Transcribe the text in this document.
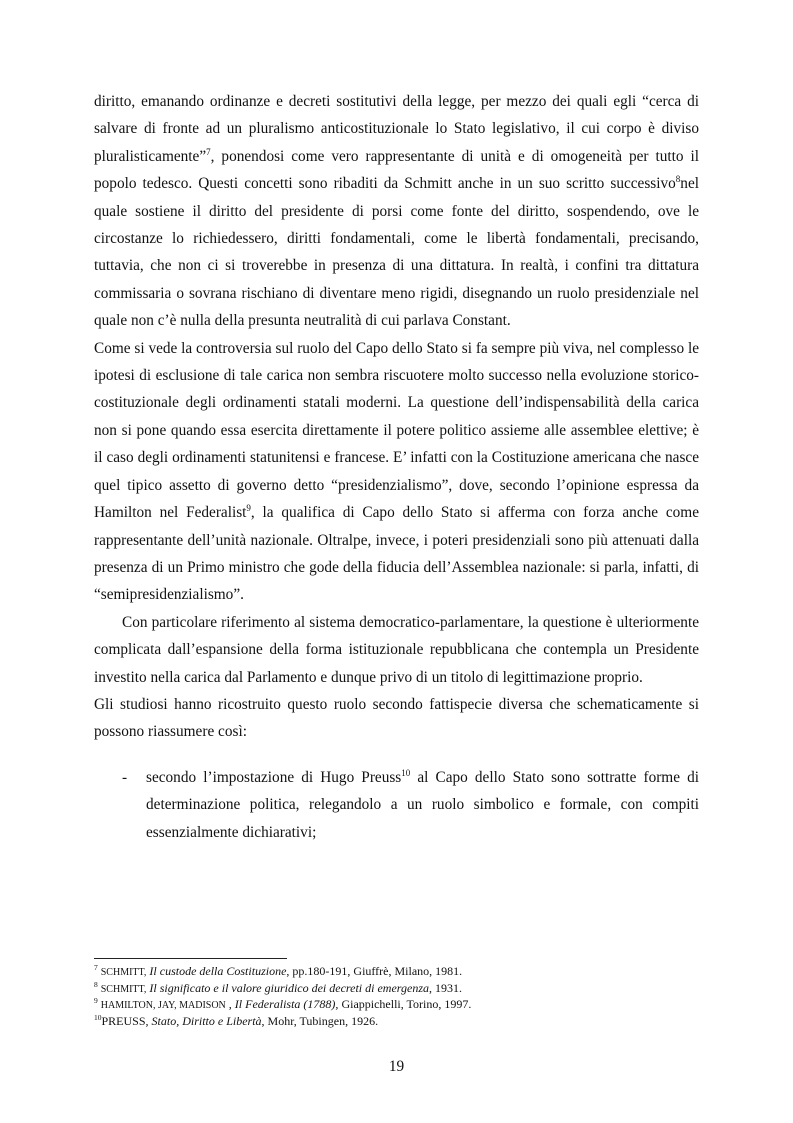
diritto, emanando ordinanze e decreti sostitutivi della legge, per mezzo dei quali egli “cerca di salvare di fronte ad un pluralismo anticostituzionale lo Stato legislativo, il cui corpo è diviso pluralisticamente”$^7$, ponendosi come vero rappresentante di unità e di omogeneità per tutto il popolo tedesco. Questi concetti sono ribaditi da Schmitt anche in un suo scritto successivo$^8$nel quale sostiene il diritto del presidente di porsi come fonte del diritto, sospendendo, ove le circostanze lo richiedessero, diritti fondamentali, come le libertà fondamentali, precisando, tuttavia, che non ci si troverebbe in presenza di una dittatura. In realtà, i confini tra dittatura commissaria o sovrana rischiano di diventare meno rigidi, disegnando un ruolo presidenziale nel quale non c’è nulla della presunta neutralità di cui parlava Constant.

Come si vede la controversia sul ruolo del Capo dello Stato si fa sempre più viva, nel complesso le ipotesi di esclusione di tale carica non sembra riscuotere molto successo nella evoluzione storico-costituzionale degli ordinamenti statali moderni. La questione dell’indispensabilità della carica non si pone quando essa esercita direttamente il potere politico assieme alle assemblee elettive; è il caso degli ordinamenti statunitensi e francese. E’ infatti con la Costituzione americana che nasce quel tipico assetto di governo detto “presidenzialismo”, dove, secondo l’opinione espressa da Hamilton nel Federalist$^9$, la qualifica di Capo dello Stato si afferma con forza anche come rappresentante dell’unità nazionale. Oltralpe, invece, i poteri presidenziali sono più attenuati dalla presenza di un Primo ministro che gode della fiducia dell’Assemblea nazionale: si parla, infatti, di “semipresidenzialismo”.

Con particolare riferimento al sistema democratico-parlamentare, la questione è ulteriormente complicata dall’espansione della forma istituzionale repubblicana che contempla un Presidente investito nella carica dal Parlamento e dunque privo di un titolo di legittimazione proprio.

Gli studiosi hanno ricostruito questo ruolo secondo fattispecie diversa che schematicamente si possono riassumere così:

-	secondo l’impostazione di Hugo Preuss$^{10}$ al Capo dello Stato sono sottratte forme di determinazione politica, relegandolo a un ruolo simbolico e formale, con compiti essenzialmente dichiarativi;

$^7$ SCHMITT, Il custode della Costituzione, pp.180-191, Giuffrè, Milano, 1981.

$^8$ SCHMITT, Il significato e il valore giuridico dei decreti di emergenza, 1931.

$^9$ HAMILTON, JAY, MADISON , Il Federalista (1788), Giappichelli, Torino, 1997.

$^{10}$PREUSS, Stato, Diritto e Libertà, Mohr, Tubingen, 1926.

19
